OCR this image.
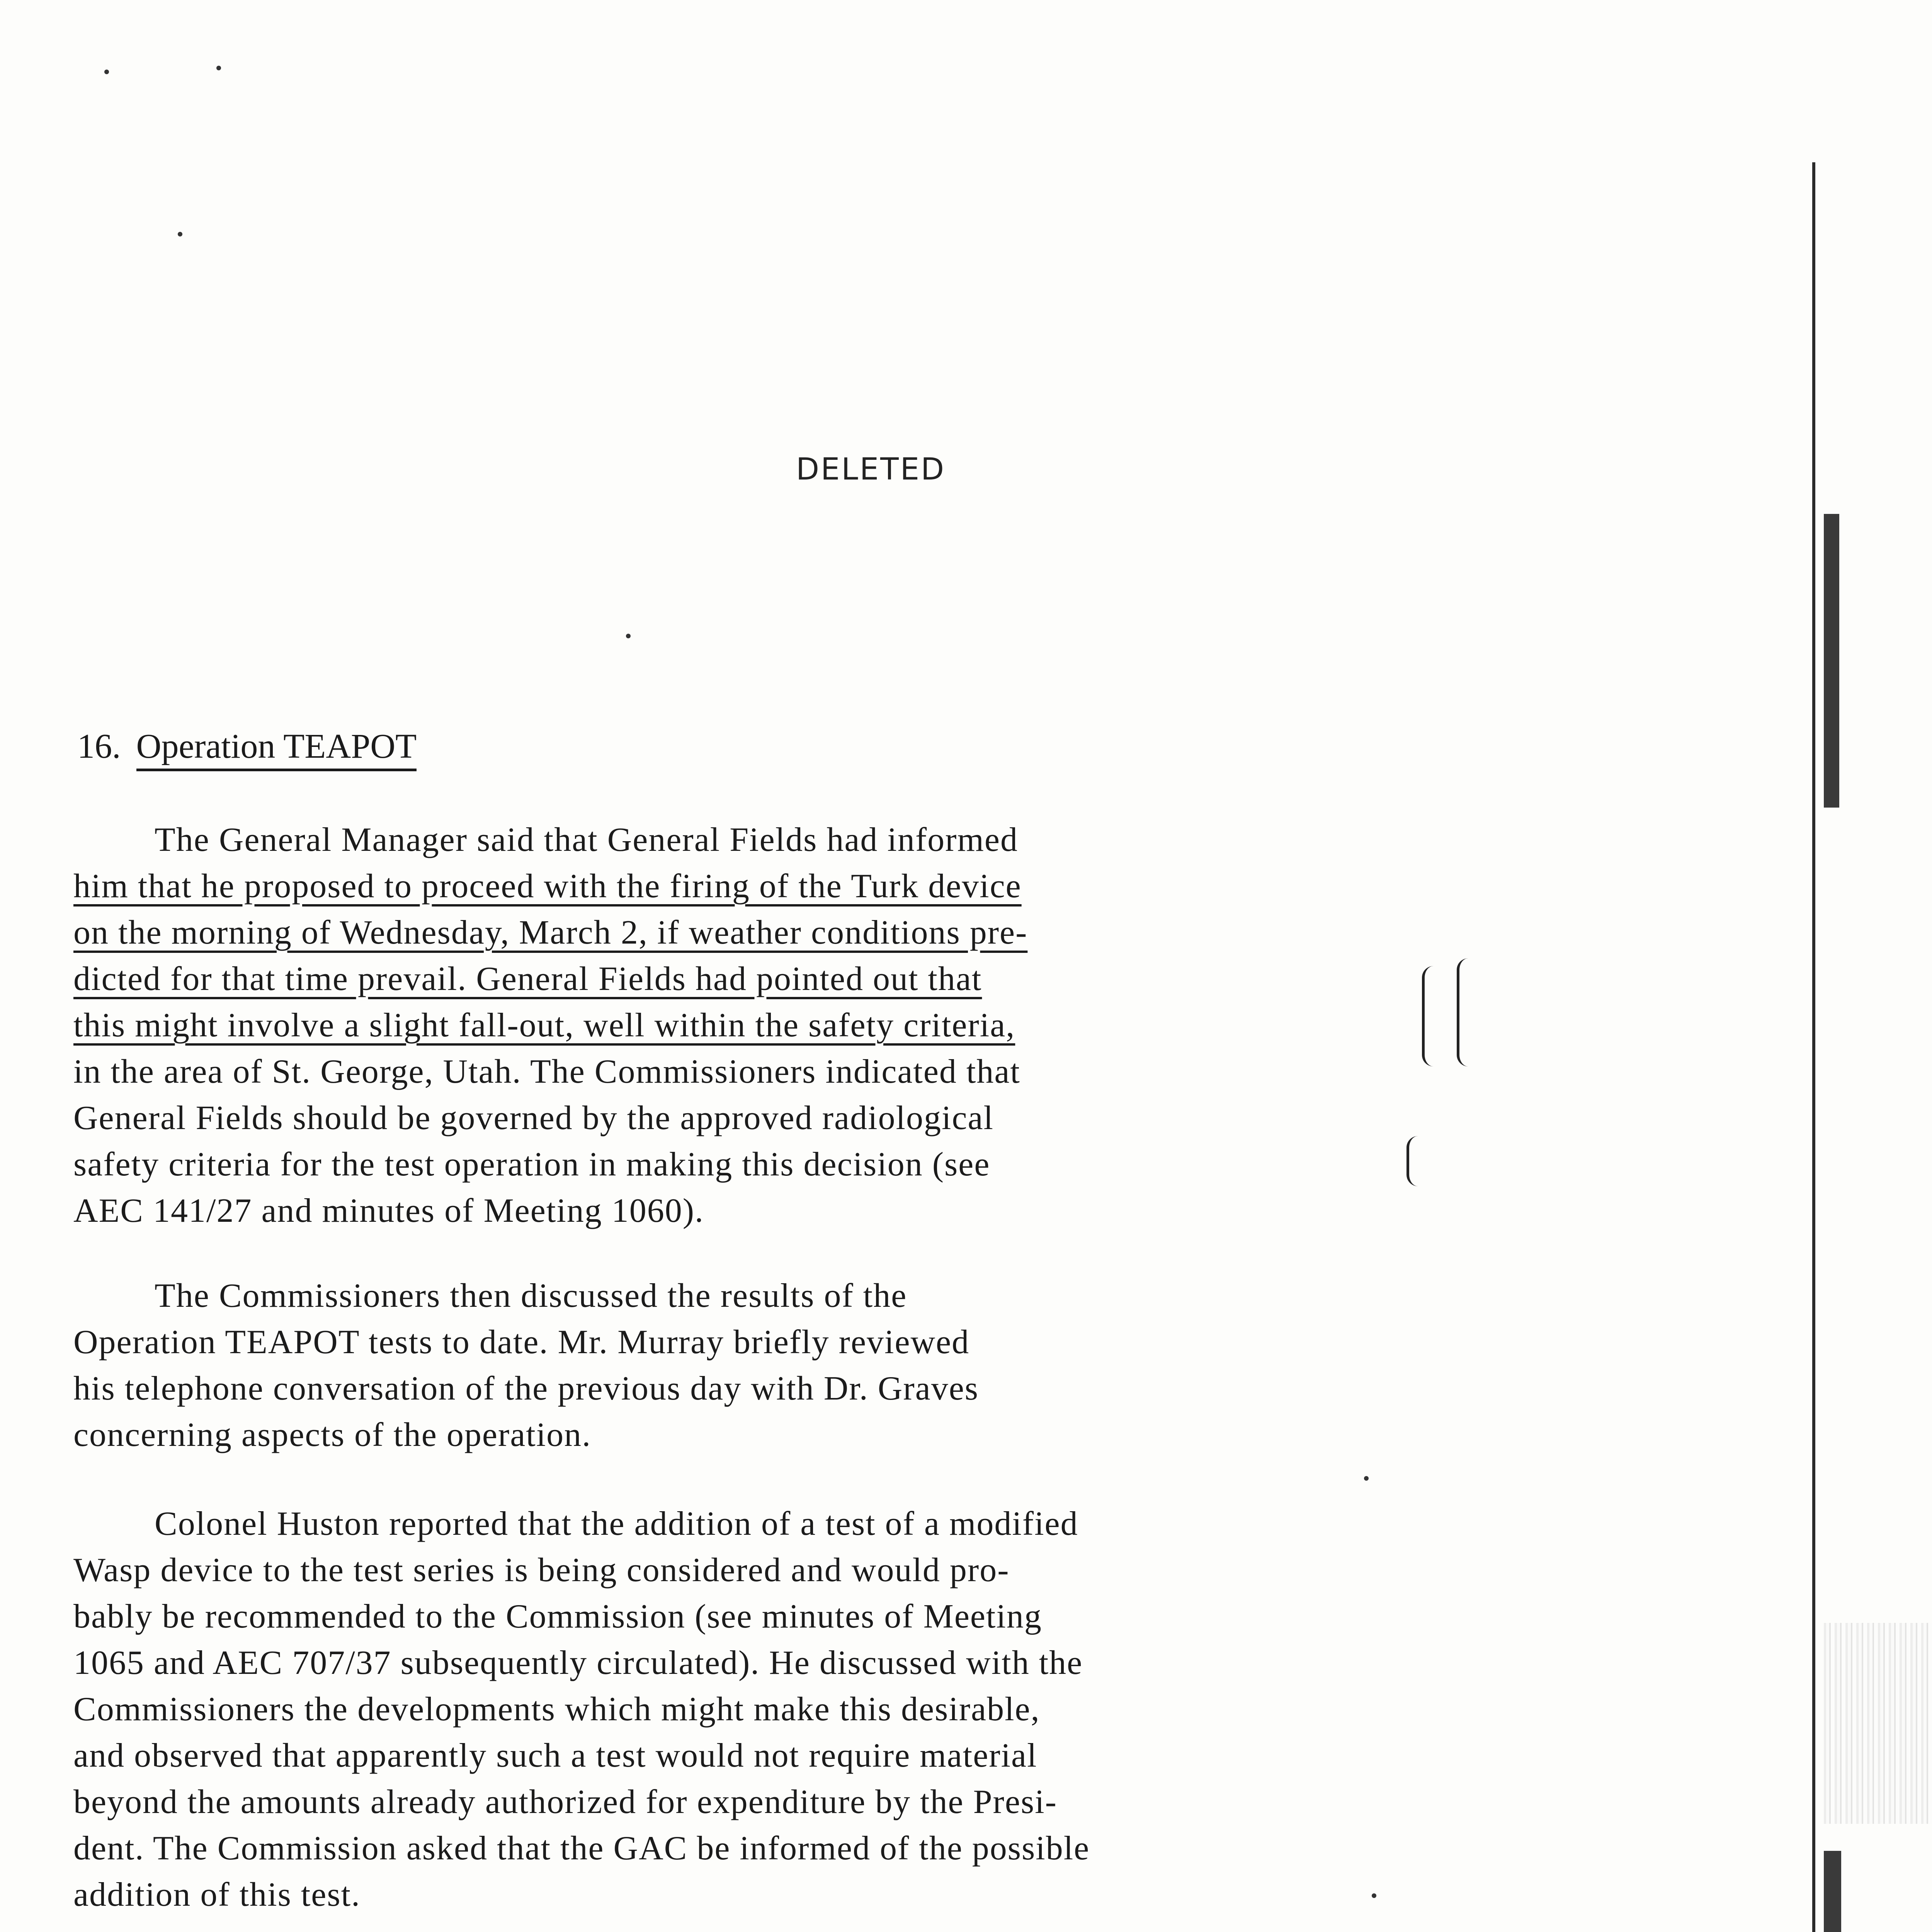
DELETED
16. Operation TEAPOT
The General Manager said that General Fields had informed
him that he proposed to proceed with the firing of the Turk device
on the morning of Wednesday, March 2, if weather conditions pre-
dicted for that time prevail. General Fields had pointed out that
this might involve a slight fall-out, well within the safety criteria,
in the area of St. George, Utah. The Commissioners indicated that
General Fields should be governed by the approved radiological
safety criteria for the test operation in making this decision (see
AEC 141/27 and minutes of Meeting 1060).
The Commissioners then discussed the results of the
Operation TEAPOT tests to date. Mr. Murray briefly reviewed
his telephone conversation of the previous day with Dr. Graves
concerning aspects of the operation.
Colonel Huston reported that the addition of a test of a modified
Wasp device to the test series is being considered and would pro-
bably be recommended to the Commission (see minutes of Meeting
1065 and AEC 707/37 subsequently circulated). He discussed with the
Commissioners the developments which might make this desirable,
and observed that apparently such a test would not require material
beyond the amounts already authorized for expenditure by the Presi-
dent. The Commission asked that the GAC be informed of the possible
addition of this test.
